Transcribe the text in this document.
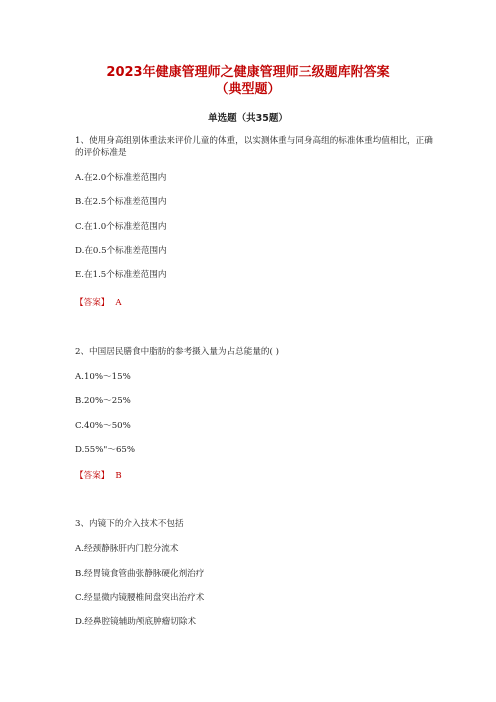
2023年健康管理师之健康管理师三级题库附答案
（典型题）
单选题（共35题）
1、使用身高组别体重法来评价儿童的体重，以实测体重与同身高组的标准体重均值相比，正确的评价标准是
A.在2.0个标准差范围内
B.在2.5个标准差范围内
C.在1.0个标准差范围内
D.在0.5个标准差范围内
E.在1.5个标准差范围内
【答案】 A
2、中国居民膳食中脂肪的参考摄入量为占总能量的( )
A.10%～15%
B.20%～25%
C.40%～50%
D.55%"～65%
【答案】 B
3、内镜下的介入技术不包括
A.经颈静脉肝内门腔分流术
B.经胃镜食管曲张静脉硬化剂治疗
C.经显微内镜腰椎间盘突出治疗术
D.经鼻腔镜辅助颅底肿瘤切除术
